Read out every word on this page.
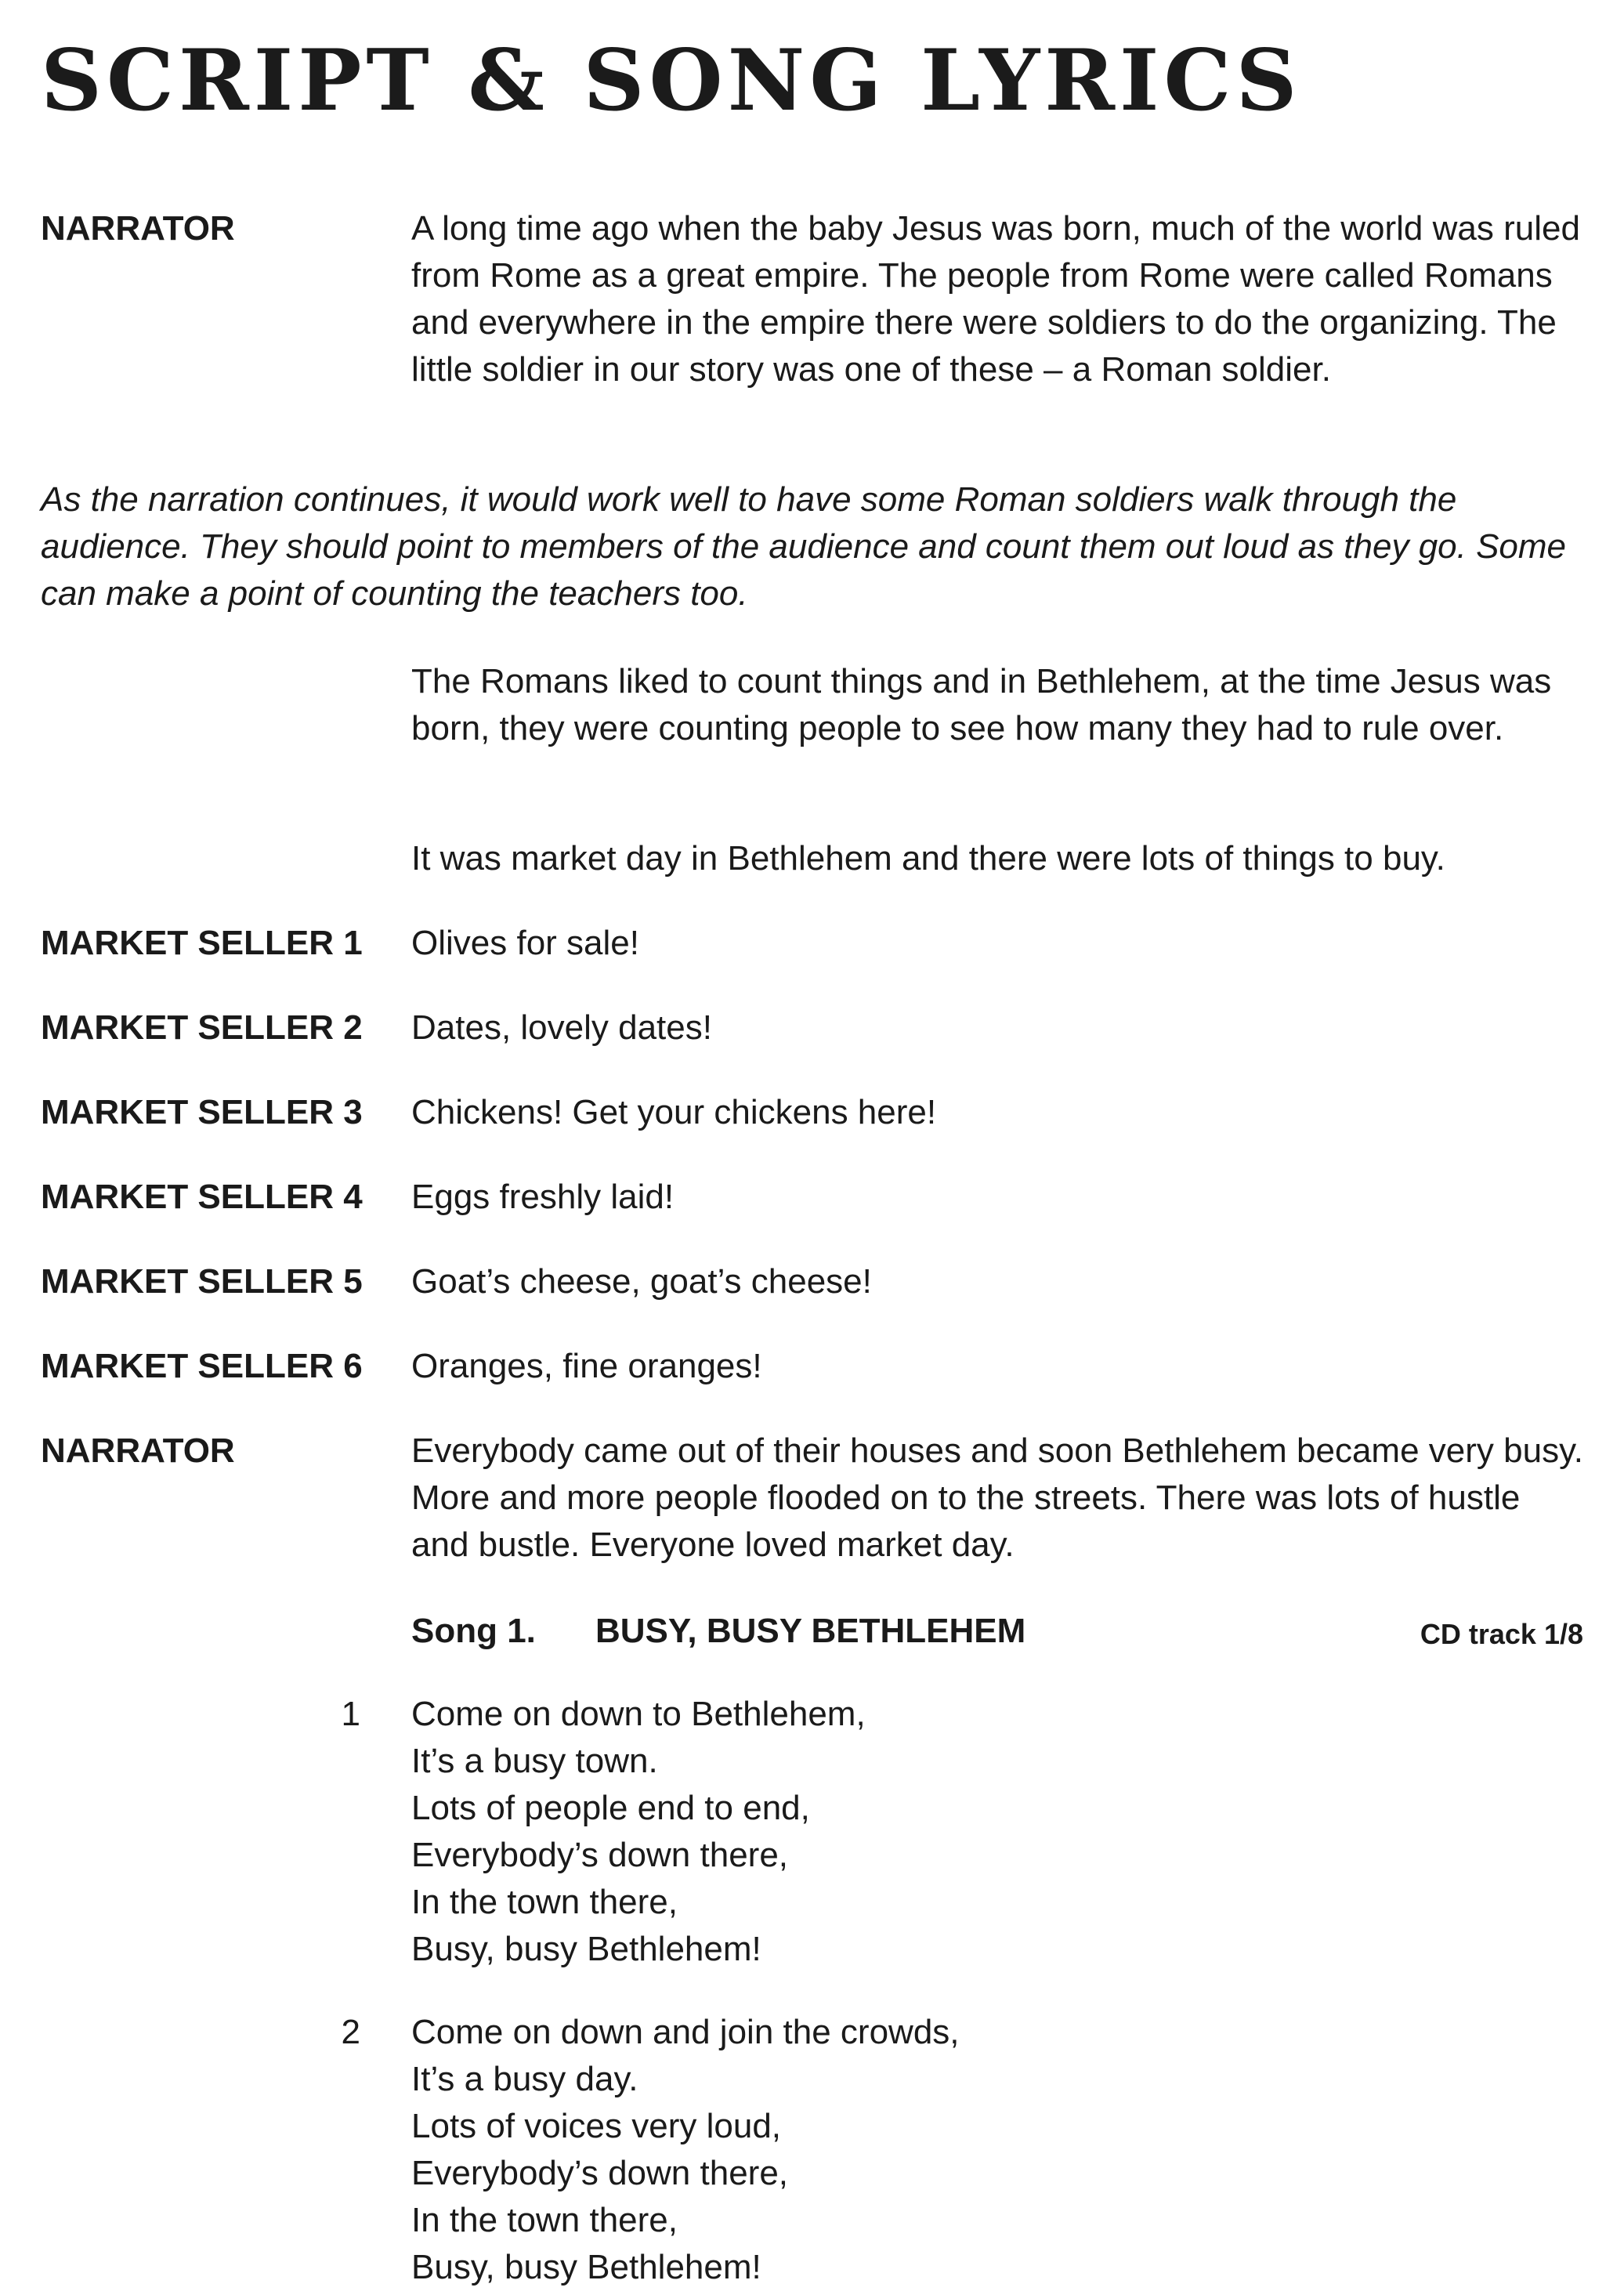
SCRIPT & SONG LYRICS
NARRATOR	A long time ago when the baby Jesus was born, much of the world was ruled from Rome as a great empire. The people from Rome were called Romans and everywhere in the empire there were soldiers to do the organizing. The little soldier in our story was one of these – a Roman soldier.
As the narration continues, it would work well to have some Roman soldiers walk through the audience. They should point to members of the audience and count them out loud as they go. Some can make a point of counting the teachers too.
The Romans liked to count things and in Bethlehem, at the time Jesus was born, they were counting people to see how many they had to rule over.
It was market day in Bethlehem and there were lots of things to buy.
MARKET SELLER 1	Olives for sale!
MARKET SELLER 2	Dates, lovely dates!
MARKET SELLER 3	Chickens! Get your chickens here!
MARKET SELLER 4	Eggs freshly laid!
MARKET SELLER 5	Goat’s cheese, goat’s cheese!
MARKET SELLER 6	Oranges, fine oranges!
NARRATOR	Everybody came out of their houses and soon Bethlehem became very busy. More and more people flooded on to the streets. There was lots of hustle and bustle. Everyone loved market day.
Song 1. BUSY, BUSY BETHLEHEM	CD track 1/8
1 Come on down to Bethlehem,
It’s a busy town.
Lots of people end to end,
Everybody’s down there,
In the town there,
Busy, busy Bethlehem!
2 Come on down and join the crowds,
It’s a busy day.
Lots of voices very loud,
Everybody’s down there,
In the town there,
Busy, busy Bethlehem!
